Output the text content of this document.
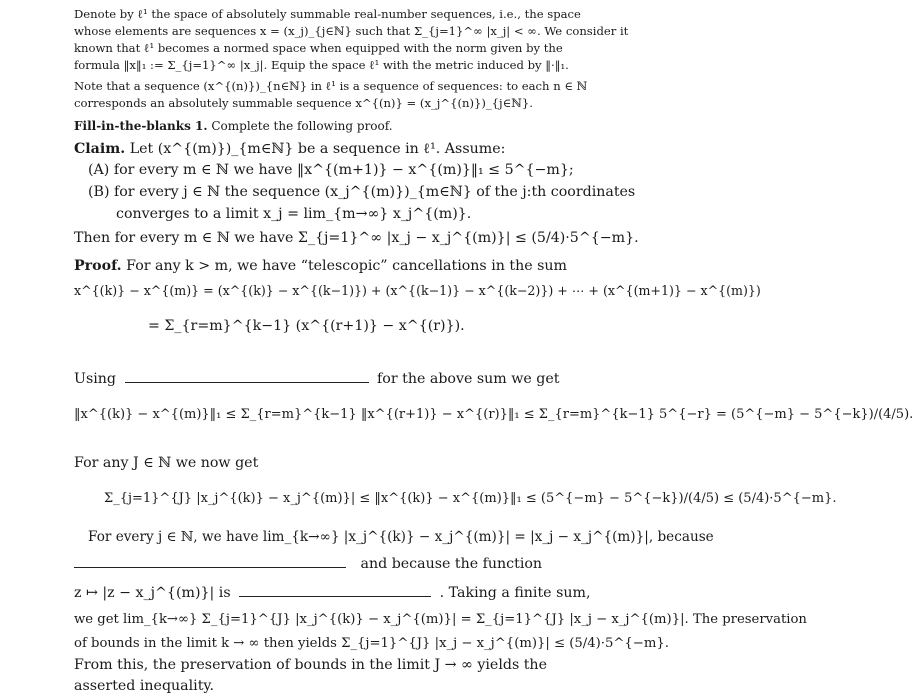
Denote by ℓ¹ the space of absolutely summable real-number sequences, i.e., the space
whose elements are sequences x = (x_j)_{j∈ℕ} such that Σ_{j=1}^∞ |x_j| < ∞. We consider it
known that ℓ¹ becomes a normed space when equipped with the norm given by the
formula ‖x‖₁ := Σ_{j=1}^∞ |x_j|. Equip the space ℓ¹ with the metric induced by ‖·‖₁.
Note that a sequence (x^{(n)})_{n∈ℕ} in ℓ¹ is a sequence of sequences: to each n ∈ ℕ
corresponds an absolutely summable sequence x^{(n)} = (x_j^{(n)})_{j∈ℕ}.
Fill-in-the-blanks 1. Complete the following proof.
Claim. Let (x^{(m)})_{m∈ℕ} be a sequence in ℓ¹. Assume:
(A) for every m ∈ ℕ we have ‖x^{(m+1)} − x^{(m)}‖₁ ≤ 5^{−m};
(B) for every j ∈ ℕ the sequence (x_j^{(m)})_{m∈ℕ} of the j:th coordinates
converges to a limit x_j = lim_{m→∞} x_j^{(m)}.
Then for every m ∈ ℕ we have Σ_{j=1}^∞ |x_j − x_j^{(m)}| ≤ (5/4)·5^{−m}.
Proof. For any k > m, we have “telescopic” cancellations in the sum
x^{(k)} − x^{(m)} = (x^{(k)} − x^{(k−1)}) + (x^{(k−1)} − x^{(k−2)}) + ⋯ + (x^{(m+1)} − x^{(m)})
= Σ_{r=m}^{k−1} (x^{(r+1)} − x^{(r)}).
Using	for the above sum we get
‖x^{(k)} − x^{(m)}‖₁ ≤ Σ_{r=m}^{k−1} ‖x^{(r+1)} − x^{(r)}‖₁ ≤ Σ_{r=m}^{k−1} 5^{−r} = (5^{−m} − 5^{−k})/(4/5).
For any J ∈ ℕ we now get
Σ_{j=1}^{J} |x_j^{(k)} − x_j^{(m)}| ≤ ‖x^{(k)} − x^{(m)}‖₁ ≤ (5^{−m} − 5^{−k})/(4/5) ≤ (5/4)·5^{−m}.
For every j ∈ ℕ, we have lim_{k→∞} |x_j^{(k)} − x_j^{(m)}| = |x_j − x_j^{(m)}|, because
and because the function
z ↦ |z − x_j^{(m)}| is	. Taking a finite sum,
we get lim_{k→∞} Σ_{j=1}^{J} |x_j^{(k)} − x_j^{(m)}| = Σ_{j=1}^{J} |x_j − x_j^{(m)}|. The preservation
of bounds in the limit k → ∞ then yields Σ_{j=1}^{J} |x_j − x_j^{(m)}| ≤ (5/4)·5^{−m}.
From this, the preservation of bounds in the limit J → ∞ yields the
asserted inequality.
